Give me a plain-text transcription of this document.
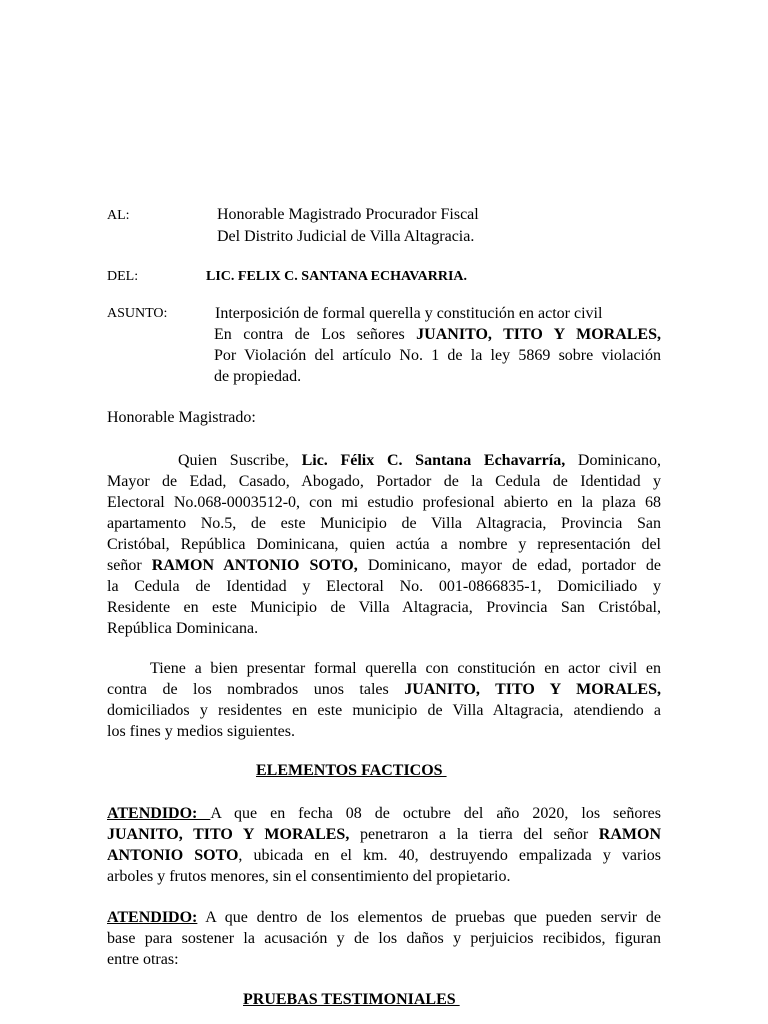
AL:	Honorable Magistrado Procurador Fiscal
Del Distrito Judicial de Villa Altagracia.
DEL:	LIC. FELIX C. SANTANA ECHAVARRIA.
ASUNTO:	Interposición de formal querella y constitución en actor civil
En contra de Los señores JUANITO, TITO Y MORALES,
Por Violación del artículo No. 1 de la ley 5869 sobre violación
de propiedad.
Honorable Magistrado:
Quien Suscribe, Lic. Félix C. Santana Echavarría, Dominicano,
Mayor de Edad, Casado, Abogado, Portador de la Cedula de Identidad y
Electoral No.068-0003512-0, con mi estudio profesional abierto en la plaza 68
apartamento No.5, de este Municipio de Villa Altagracia, Provincia San
Cristóbal, República Dominicana, quien actúa a nombre y representación del
señor RAMON ANTONIO SOTO, Dominicano, mayor de edad, portador de
la Cedula de Identidad y Electoral No. 001-0866835-1, Domiciliado y
Residente en este Municipio de Villa Altagracia, Provincia San Cristóbal,
República Dominicana.
Tiene a bien presentar formal querella con constitución en actor civil en
contra de los nombrados unos tales JUANITO, TITO Y MORALES,
domiciliados y residentes en este municipio de Villa Altagracia, atendiendo a
los fines y medios siguientes.
ELEMENTOS FACTICOS
ATENDIDO: A que en fecha 08 de octubre del año 2020, los señores
JUANITO, TITO Y MORALES, penetraron a la tierra del señor RAMON
ANTONIO SOTO, ubicada en el km. 40, destruyendo empalizada y varios
arboles y frutos menores, sin el consentimiento del propietario.
ATENDIDO: A que dentro de los elementos de pruebas que pueden servir de
base para sostener la acusación y de los daños y perjuicios recibidos, figuran
entre otras:
PRUEBAS TESTIMONIALES
